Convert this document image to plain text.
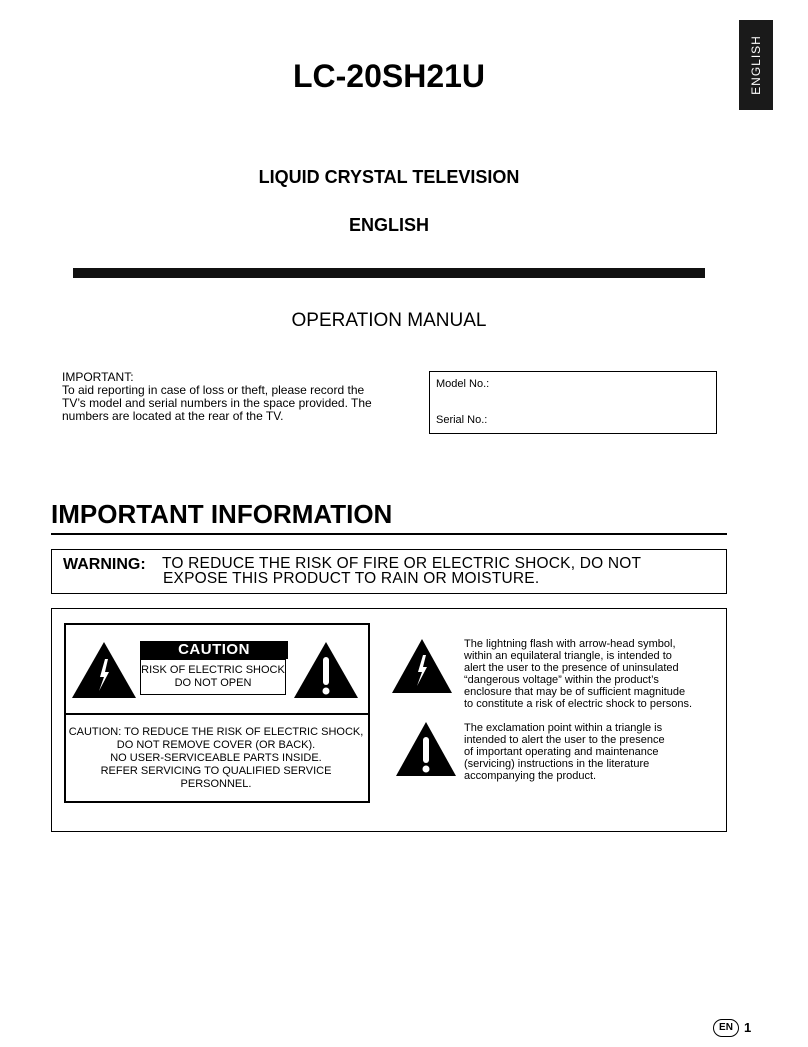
ENGLISH
LC-20SH21U
LIQUID CRYSTAL TELEVISION
ENGLISH
OPERATION MANUAL
IMPORTANT:
To aid reporting in case of loss or theft, please record the
TV’s model and serial numbers in the space provided. The
numbers are located at the rear of the TV.
Model No.:
Serial No.:
IMPORTANT INFORMATION
WARNING: TO REDUCE THE RISK OF FIRE OR ELECTRIC SHOCK, DO NOT
EXPOSE THIS PRODUCT TO RAIN OR MOISTURE.
CAUTION
RISK OF ELECTRIC SHOCK
DO NOT OPEN
CAUTION: TO REDUCE THE RISK OF ELECTRIC SHOCK,
DO NOT REMOVE COVER (OR BACK).
NO USER-SERVICEABLE PARTS INSIDE.
REFER SERVICING TO QUALIFIED SERVICE
PERSONNEL.
The lightning flash with arrow-head symbol,
within an equilateral triangle, is intended to
alert the user to the presence of uninsulated
“dangerous voltage” within the product’s
enclosure that may be of sufficient magnitude
to constitute a risk of electric shock to persons.
The exclamation point within a triangle is
intended to alert the user to the presence
of important operating and maintenance
(servicing) instructions in the literature
accompanying the product.
EN 1
